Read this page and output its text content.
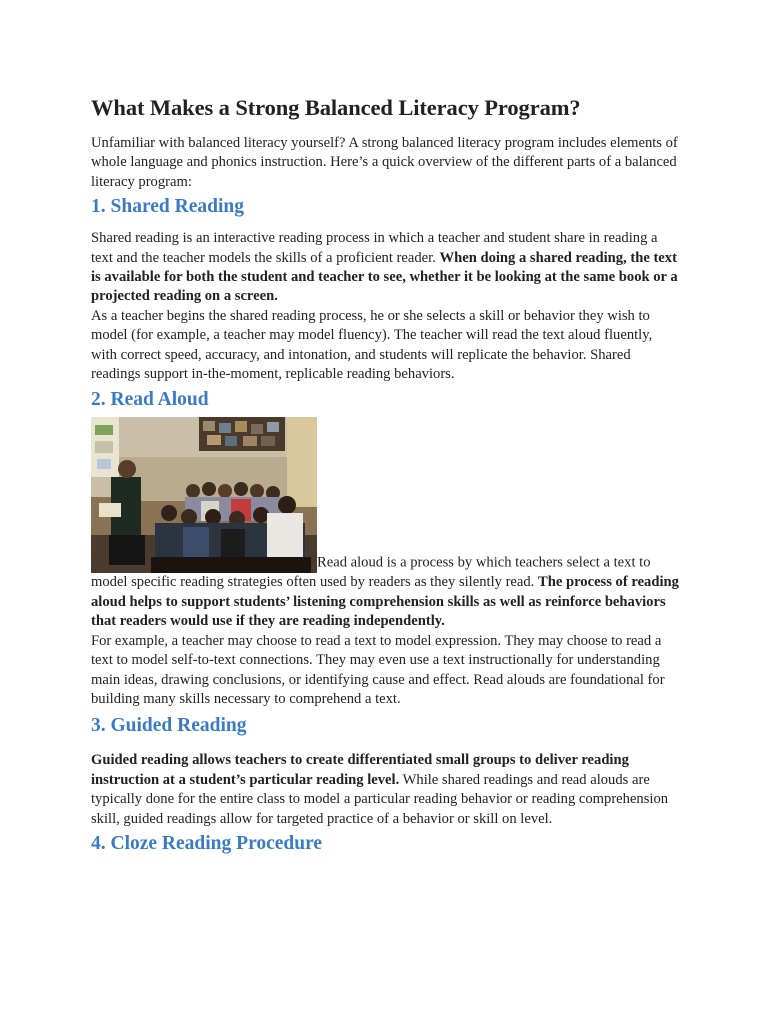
What Makes a Strong Balanced Literacy Program?

Unfamiliar with balanced literacy yourself? A strong balanced literacy program includes elements of whole language and phonics instruction. Here’s a quick overview of the different parts of a balanced literacy program:

1. Shared Reading

Shared reading is an interactive reading process in which a teacher and student share in reading a text and the teacher models the skills of a proficient reader. When doing a shared reading, the text is available for both the student and teacher to see, whether it be looking at the same book or a projected reading on a screen.

As a teacher begins the shared reading process, he or she selects a skill or behavior they wish to model (for example, a teacher may model fluency). The teacher will read the text aloud fluently, with correct speed, accuracy, and intonation, and students will replicate the behavior. Shared readings support in-the-moment, replicable reading behaviors.

2. Read Aloud

Read aloud is a process by which teachers select a text to model specific reading strategies often used by readers as they silently read. The process of reading aloud helps to support students’ listening comprehension skills as well as reinforce behaviors that readers would use if they are reading independently.

For example, a teacher may choose to read a text to model expression. They may choose to read a text to model self-to-text connections. They may even use a text instructionally for understanding main ideas, drawing conclusions, or identifying cause and effect. Read alouds are foundational for building many skills necessary to comprehend a text.

3. Guided Reading

Guided reading allows teachers to create differentiated small groups to deliver reading instruction at a student’s particular reading level. While shared readings and read alouds are typically done for the entire class to model a particular reading behavior or reading comprehension skill, guided readings allow for targeted practice of a behavior or skill on level.

4. Cloze Reading Procedure
